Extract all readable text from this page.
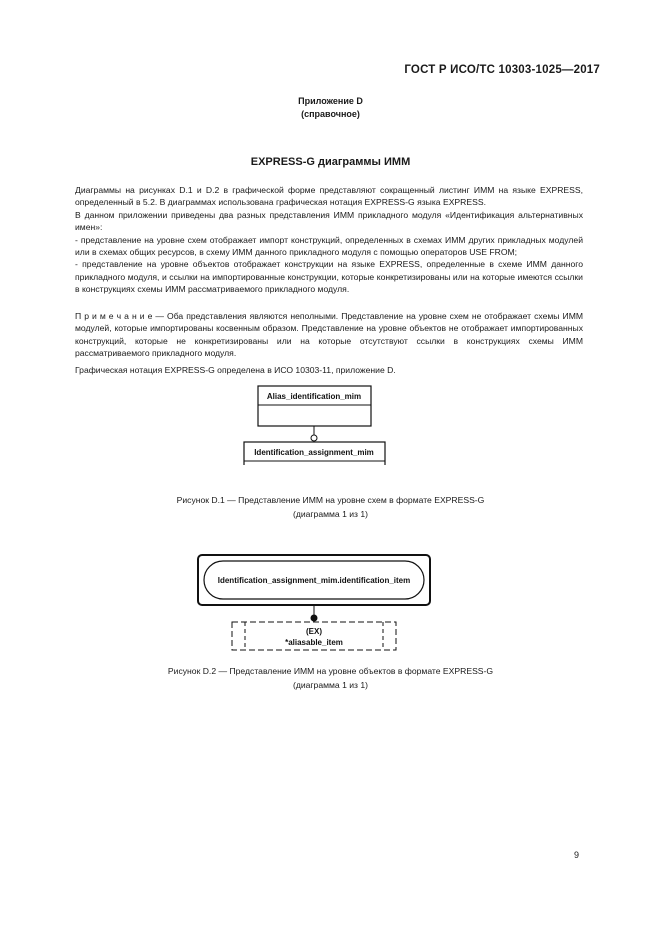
ГОСТ Р ИСО/ТС 10303-1025—2017
Приложение D
(справочное)
EXPRESS-G диаграммы ИММ

Диаграммы на рисунках D.1 и D.2 в графической форме представляют сокращенный листинг ИММ на языке EXPRESS, определенный в 5.2. В диаграммах использована графическая нотация EXPRESS-G языка EXPRESS.

В данном приложении приведены два разных представления ИММ прикладного модуля «Идентификация альтернативных имен»:

- представление на уровне схем отображает импорт конструкций, определенных в схемах ИММ других прикладных модулей или в схемах общих ресурсов, в схему ИММ данного прикладного модуля с помощью операторов USE FROM;

- представление на уровне объектов отображает конструкции на языке EXPRESS, определенные в схеме ИММ данного прикладного модуля, и ссылки на импортированные конструкции, которые конкретизированы или на которые имеются ссылки в конструкциях схемы ИММ рассматриваемого прикладного модуля.

П р и м е ч а н и е — Оба представления являются неполными. Представление на уровне схем не отображает схемы ИММ модулей, которые импортированы косвенным образом. Представление на уровне объектов не отображает импортированных конструкций, которые не конкретизированы или на которые отсутствуют ссылки в конструкциях схемы ИММ рассматриваемого прикладного модуля.

Графическая нотация EXPRESS-G определена в ИСО 10303-11, приложение D.
Alias_identification_mim
Identification_assignment_mim
Рисунок D.1 — Представление ИММ на уровне схем в формате EXPRESS-G
(диаграмма 1 из 1)
Identification_assignment_mim.identification_item
(EX)
*aliasable_item
Рисунок D.2 — Представление ИММ на уровне объектов в формате EXPRESS-G
(диаграмма 1 из 1)
9
